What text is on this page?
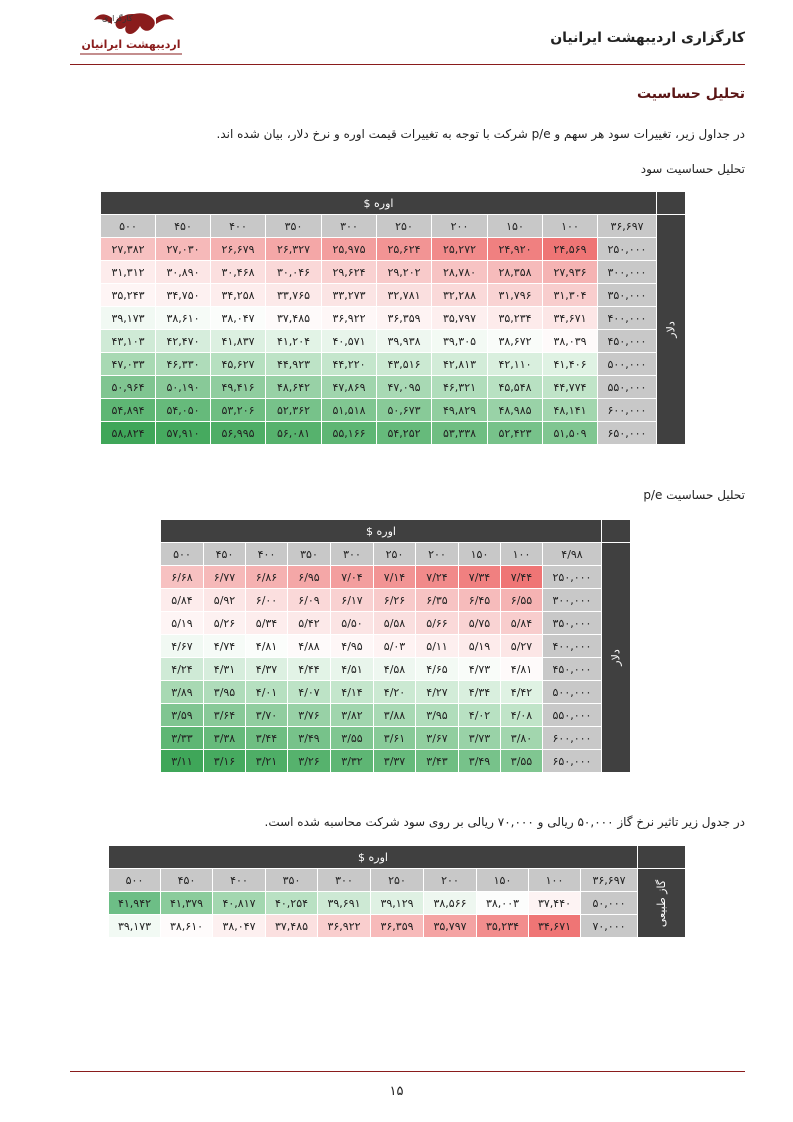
کارگزاری اردیبهشت ایرانیان
کارگزاری
اردیبهشت ایرانیان
تحلیل حساسیت
در جداول زیر، تغییرات سود هر سهم و p/e شرکت با توجه به تغییرات قیمت اوره و نرخ دلار، بیان شده اند.
تحلیل حساسیت سود
	اوره $									
دلار	۳۶,۶۹۷	۱۰۰	۱۵۰	۲۰۰	۲۵۰	۳۰۰	۳۵۰	۴۰۰	۴۵۰	۵۰۰
	۲۵۰,۰۰۰	۲۴,۵۶۹	۲۴,۹۲۰	۲۵,۲۷۲	۲۵,۶۲۴	۲۵,۹۷۵	۲۶,۳۲۷	۲۶,۶۷۹	۲۷,۰۳۰	۲۷,۳۸۲
	۳۰۰,۰۰۰	۲۷,۹۳۶	۲۸,۳۵۸	۲۸,۷۸۰	۲۹,۲۰۲	۲۹,۶۲۴	۳۰,۰۴۶	۳۰,۴۶۸	۳۰,۸۹۰	۳۱,۳۱۲
	۳۵۰,۰۰۰	۳۱,۳۰۴	۳۱,۷۹۶	۳۲,۲۸۸	۳۲,۷۸۱	۳۳,۲۷۳	۳۳,۷۶۵	۳۴,۲۵۸	۳۴,۷۵۰	۳۵,۲۴۳
	۴۰۰,۰۰۰	۳۴,۶۷۱	۳۵,۲۳۴	۳۵,۷۹۷	۳۶,۳۵۹	۳۶,۹۲۲	۳۷,۴۸۵	۳۸,۰۴۷	۳۸,۶۱۰	۳۹,۱۷۳
	۴۵۰,۰۰۰	۳۸,۰۳۹	۳۸,۶۷۲	۳۹,۳۰۵	۳۹,۹۳۸	۴۰,۵۷۱	۴۱,۲۰۴	۴۱,۸۳۷	۴۲,۴۷۰	۴۳,۱۰۳
	۵۰۰,۰۰۰	۴۱,۴۰۶	۴۲,۱۱۰	۴۲,۸۱۳	۴۳,۵۱۶	۴۴,۲۲۰	۴۴,۹۲۳	۴۵,۶۲۷	۴۶,۳۳۰	۴۷,۰۳۳
	۵۵۰,۰۰۰	۴۴,۷۷۴	۴۵,۵۴۸	۴۶,۳۲۱	۴۷,۰۹۵	۴۷,۸۶۹	۴۸,۶۴۲	۴۹,۴۱۶	۵۰,۱۹۰	۵۰,۹۶۴
	۶۰۰,۰۰۰	۴۸,۱۴۱	۴۸,۹۸۵	۴۹,۸۲۹	۵۰,۶۷۳	۵۱,۵۱۸	۵۲,۳۶۲	۵۳,۲۰۶	۵۴,۰۵۰	۵۴,۸۹۴
	۶۵۰,۰۰۰	۵۱,۵۰۹	۵۲,۴۲۳	۵۳,۳۳۸	۵۴,۲۵۲	۵۵,۱۶۶	۵۶,۰۸۱	۵۶,۹۹۵	۵۷,۹۱۰	۵۸,۸۲۴
تحلیل حساسیت p/e
	اوره $									
دلار	۴/۹۸	۱۰۰	۱۵۰	۲۰۰	۲۵۰	۳۰۰	۳۵۰	۴۰۰	۴۵۰	۵۰۰
	۲۵۰,۰۰۰	۷/۴۴	۷/۳۴	۷/۲۴	۷/۱۴	۷/۰۴	۶/۹۵	۶/۸۶	۶/۷۷	۶/۶۸
	۳۰۰,۰۰۰	۶/۵۵	۶/۴۵	۶/۳۵	۶/۲۶	۶/۱۷	۶/۰۹	۶/۰۰	۵/۹۲	۵/۸۴
	۳۵۰,۰۰۰	۵/۸۴	۵/۷۵	۵/۶۶	۵/۵۸	۵/۵۰	۵/۴۲	۵/۳۴	۵/۲۶	۵/۱۹
	۴۰۰,۰۰۰	۵/۲۷	۵/۱۹	۵/۱۱	۵/۰۳	۴/۹۵	۴/۸۸	۴/۸۱	۴/۷۴	۴/۶۷
	۴۵۰,۰۰۰	۴/۸۱	۴/۷۳	۴/۶۵	۴/۵۸	۴/۵۱	۴/۴۴	۴/۳۷	۴/۳۱	۴/۲۴
	۵۰۰,۰۰۰	۴/۴۲	۴/۳۴	۴/۲۷	۴/۲۰	۴/۱۴	۴/۰۷	۴/۰۱	۳/۹۵	۳/۸۹
	۵۵۰,۰۰۰	۴/۰۸	۴/۰۲	۳/۹۵	۳/۸۸	۳/۸۲	۳/۷۶	۳/۷۰	۳/۶۴	۳/۵۹
	۶۰۰,۰۰۰	۳/۸۰	۳/۷۳	۳/۶۷	۳/۶۱	۳/۵۵	۳/۴۹	۳/۴۴	۳/۳۸	۳/۳۳
	۶۵۰,۰۰۰	۳/۵۵	۳/۴۹	۳/۴۳	۳/۳۷	۳/۳۲	۳/۲۶	۳/۲۱	۳/۱۶	۳/۱۱
در جدول زیر تاثیر نرخ گاز ۵۰,۰۰۰ ریالی و ۷۰,۰۰۰ ریالی بر روی سود شرکت محاسبه شده است.
	اوره $									
گاز طبیعی	۳۶,۶۹۷	۱۰۰	۱۵۰	۲۰۰	۲۵۰	۳۰۰	۳۵۰	۴۰۰	۴۵۰	۵۰۰
	۵۰,۰۰۰	۳۷,۴۴۰	۳۸,۰۰۳	۳۸,۵۶۶	۳۹,۱۲۹	۳۹,۶۹۱	۴۰,۲۵۴	۴۰,۸۱۷	۴۱,۳۷۹	۴۱,۹۴۲
	۷۰,۰۰۰	۳۴,۶۷۱	۳۵,۲۳۴	۳۵,۷۹۷	۳۶,۳۵۹	۳۶,۹۲۲	۳۷,۴۸۵	۳۸,۰۴۷	۳۸,۶۱۰	۳۹,۱۷۳
۱۵
